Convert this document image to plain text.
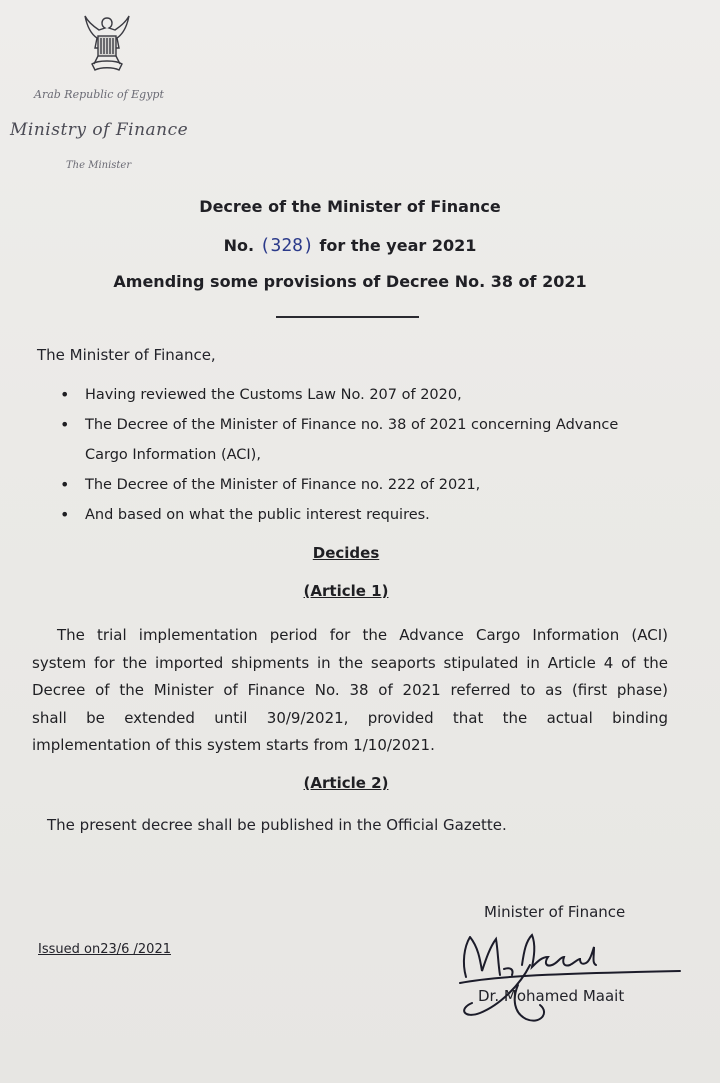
Arab Republic of Egypt
Ministry of Finance
The Minister
Decree of the Minister of Finance
No. (328) for the year 2021
Amending some provisions of Decree No. 38 of 2021
The Minister of Finance,
• Having reviewed the Customs Law No. 207 of 2020,
• The Decree of the Minister of Finance no. 38 of 2021 concerning Advance
Cargo Information (ACI),
• The Decree of the Minister of Finance no. 222 of 2021,
• And based on what the public interest requires.
Decides
(Article 1)
The trial implementation period for the Advance Cargo Information (ACI)
system for the imported shipments in the seaports stipulated in Article 4 of the
Decree of the Minister of Finance No. 38 of 2021 referred to as (first phase)
shall be extended until 30/9/2021, provided that the actual binding
implementation of this system starts from 1/10/2021.
(Article 2)
The present decree shall be published in the Official Gazette.
Minister of Finance
Dr. Mohamed Maait
Issued on23/6 /2021
